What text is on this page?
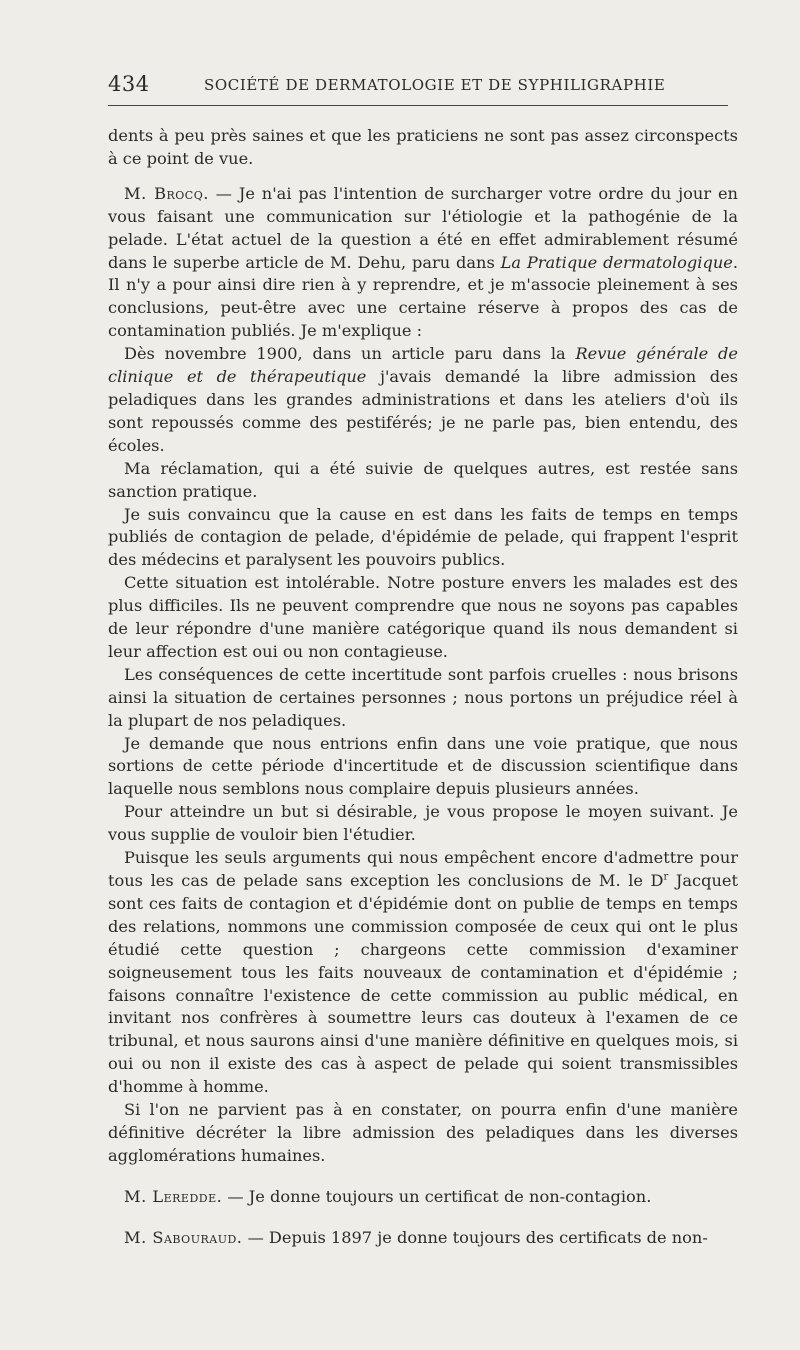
434	SOCIÉTÉ DE DERMATOLOGIE ET DE SYPHILIGRAPHIE

dents à peu près saines et que les praticiens ne sont pas assez circonspects à ce point de vue.

M. Brocq. — Je n'ai pas l'intention de surcharger votre ordre du jour en vous faisant une communication sur l'étiologie et la pathogénie de la pelade. L'état actuel de la question a été en effet admirablement résumé dans le superbe article de M. Dehu, paru dans La Pratique dermatologique. Il n'y a pour ainsi dire rien à y reprendre, et je m'associe pleinement à ses conclusions, peut-être avec une certaine réserve à propos des cas de contamination publiés. Je m'explique :

Dès novembre 1900, dans un article paru dans la Revue générale de clinique et de thérapeutique j'avais demandé la libre admission des peladiques dans les grandes administrations et dans les ateliers d'où ils sont repoussés comme des pestiférés; je ne parle pas, bien entendu, des écoles.

Ma réclamation, qui a été suivie de quelques autres, est restée sans sanction pratique.

Je suis convaincu que la cause en est dans les faits de temps en temps publiés de contagion de pelade, d'épidémie de pelade, qui frappent l'esprit des médecins et paralysent les pouvoirs publics.

Cette situation est intolérable. Notre posture envers les malades est des plus difficiles. Ils ne peuvent comprendre que nous ne soyons pas capables de leur répondre d'une manière catégorique quand ils nous demandent si leur affection est oui ou non contagieuse.

Les conséquences de cette incertitude sont parfois cruelles : nous brisons ainsi la situation de certaines personnes ; nous portons un préjudice réel à la plupart de nos peladiques.

Je demande que nous entrions enfin dans une voie pratique, que nous sortions de cette période d'incertitude et de discussion scientifique dans laquelle nous semblons nous complaire depuis plusieurs années.

Pour atteindre un but si désirable, je vous propose le moyen suivant. Je vous supplie de vouloir bien l'étudier.

Puisque les seuls arguments qui nous empêchent encore d'admettre pour tous les cas de pelade sans exception les conclusions de M. le $D^r$ Jacquet sont ces faits de contagion et d'épidémie dont on publie de temps en temps des relations, nommons une commission composée de ceux qui ont le plus étudié cette question ; chargeons cette commission d'examiner soigneusement tous les faits nouveaux de contamination et d'épidémie ; faisons connaître l'existence de cette commission au public médical, en invitant nos confrères à soumettre leurs cas douteux à l'examen de ce tribunal, et nous saurons ainsi d'une manière définitive en quelques mois, si oui ou non il existe des cas à aspect de pelade qui soient transmissibles d'homme à homme.

Si l'on ne parvient pas à en constater, on pourra enfin d'une manière définitive décréter la libre admission des peladiques dans les diverses agglomérations humaines.

M. Leredde. — Je donne toujours un certificat de non-contagion.

M. Sabouraud. — Depuis 1897 je donne toujours des certificats de non-
